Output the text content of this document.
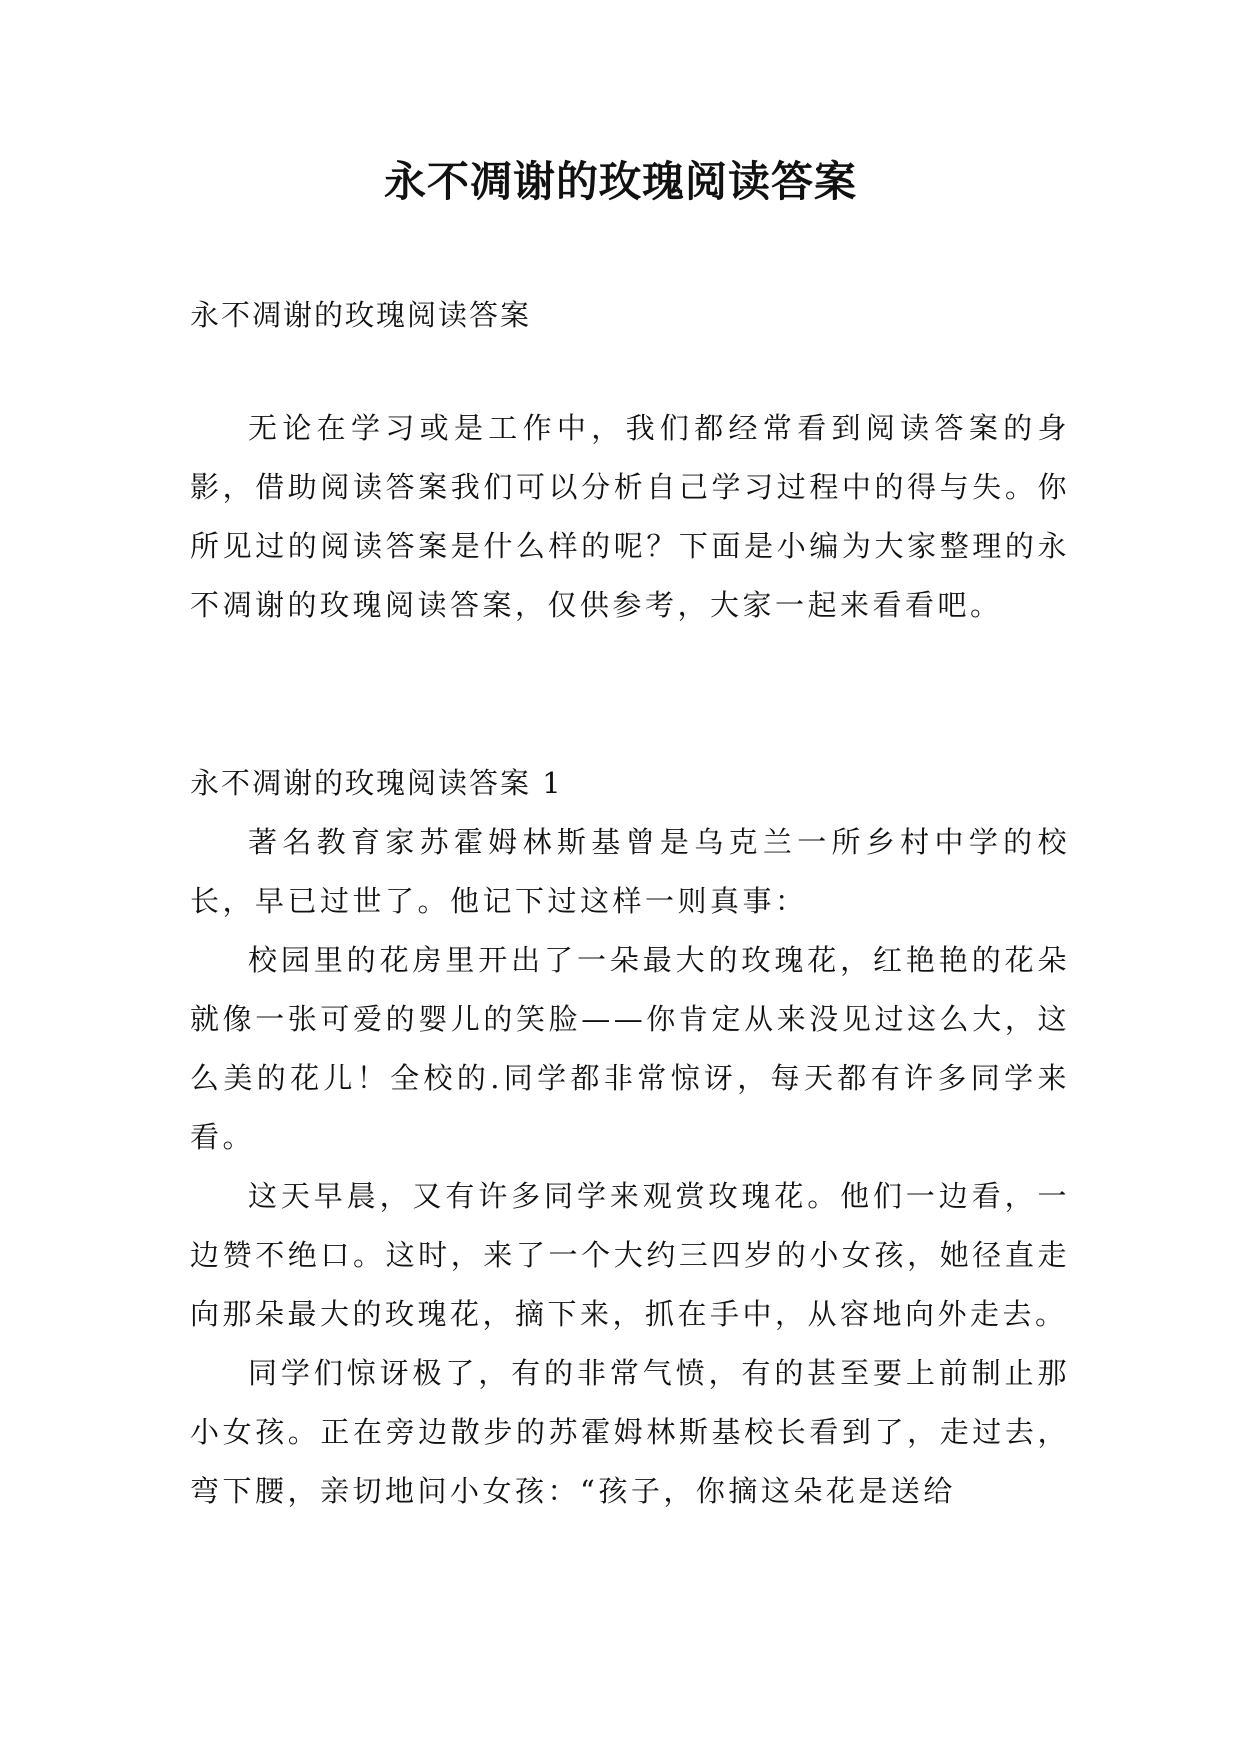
永不凋谢的玫瑰阅读答案

永不凋谢的玫瑰阅读答案

无论在学习或是工作中，我们都经常看到阅读答案的身影，借助阅读答案我们可以分析自己学习过程中的得与失。你所见过的阅读答案是什么样的呢？下面是小编为大家整理的永不凋谢的玫瑰阅读答案，仅供参考，大家一起来看看吧。

永不凋谢的玫瑰阅读答案 1

著名教育家苏霍姆林斯基曾是乌克兰一所乡村中学的校长，早已过世了。他记下过这样一则真事：

校园里的花房里开出了一朵最大的玫瑰花，红艳艳的花朵就像一张可爱的婴儿的笑脸——你肯定从来没见过这么大，这么美的花儿！全校的.同学都非常惊讶，每天都有许多同学来看。

这天早晨，又有许多同学来观赏玫瑰花。他们一边看，一边赞不绝口。这时，来了一个大约三四岁的小女孩，她径直走向那朵最大的玫瑰花，摘下来，抓在手中，从容地向外走去。

同学们惊讶极了，有的非常气愤，有的甚至要上前制止那小女孩。正在旁边散步的苏霍姆林斯基校长看到了，走过去，弯下腰，亲切地问小女孩：“孩子，你摘这朵花是送给
